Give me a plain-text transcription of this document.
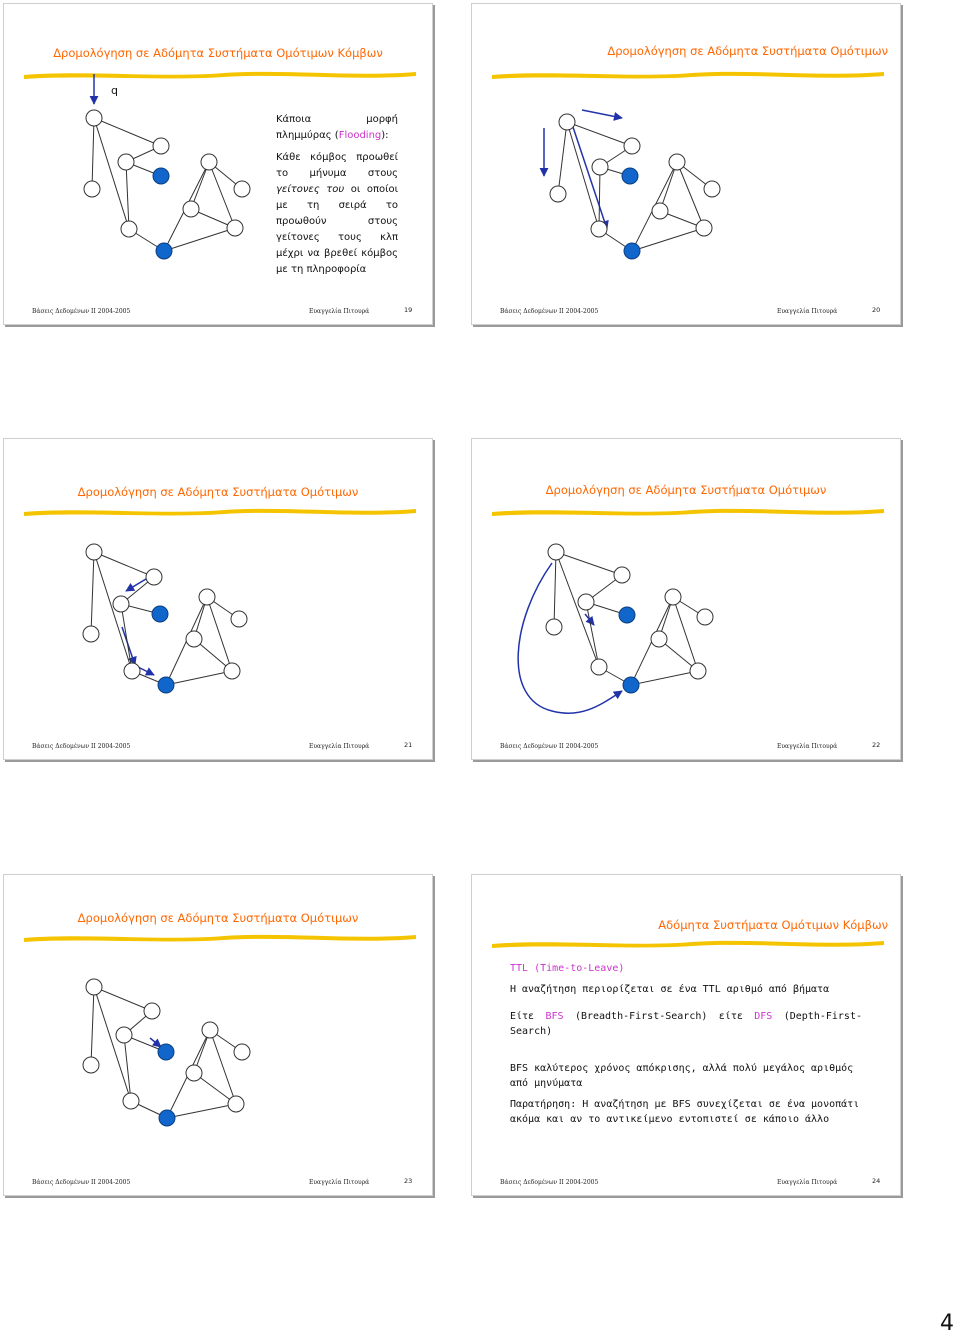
Δρομολόγηση σε Αδόμητα Συστήματα Ομότιμων Κόμβων
q

Κάποια μορφή πλημμύρας (Flooding):

Κάθε κόμβος προωθεί το μήνυμα στους γείτονες του οι οποίοι με τη σειρά το προωθούν στους γείτονες τους κλπ μέχρι να βρεθεί κόμβος με τη πληροφορία

Βάσεις Δεδομένων ΙΙ 2004-2005	Ευαγγελία Πιτουρά	19
Δρομολόγηση σε Αδόμητα Συστήματα Ομότιμων
Βάσεις Δεδομένων ΙΙ 2004-2005	Ευαγγελία Πιτουρά	20
Δρομολόγηση σε Αδόμητα Συστήματα Ομότιμων
Βάσεις Δεδομένων ΙΙ 2004-2005	Ευαγγελία Πιτουρά	21
Δρομολόγηση σε Αδόμητα Συστήματα Ομότιμων
Βάσεις Δεδομένων ΙΙ 2004-2005	Ευαγγελία Πιτουρά	22
Δρομολόγηση σε Αδόμητα Συστήματα Ομότιμων
Βάσεις Δεδομένων ΙΙ 2004-2005	Ευαγγελία Πιτουρά	23
Αδόμητα Συστήματα Ομότιμων Κόμβων

TTL (Time-to-Leave)

Η αναζήτηση περιορίζεται σε ένα TTL αριθμό από βήματα

Είτε BFS (Breadth-First-Search) είτε DFS (Depth-First-Search)

BFS καλύτερος χρόνος απόκρισης, αλλά πολύ μεγάλος αριθμός από μηνύματα

Παρατήρηση: Η αναζήτηση με BFS συνεχίζεται σε ένα μονοπάτι ακόμα και αν το αντικείμενο εντοπιστεί σε κάποιο άλλο

Βάσεις Δεδομένων ΙΙ 2004-2005	Ευαγγελία Πιτουρά	24
4
